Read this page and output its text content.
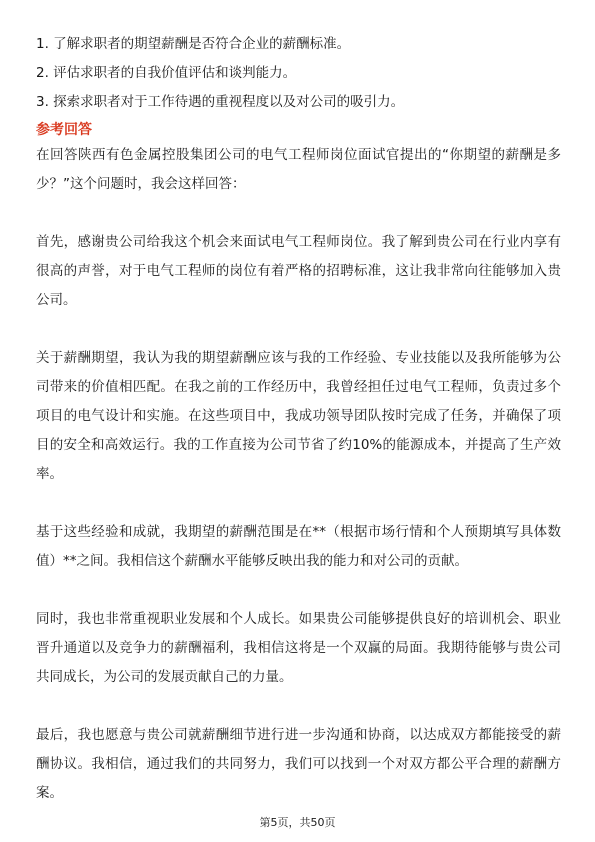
1. 了解求职者的期望薪酬是否符合企业的薪酬标准。

2. 评估求职者的自我价值评估和谈判能力。

3. 探索求职者对于工作待遇的重视程度以及对公司的吸引力。

参考回答

在回答陕西有色金属控股集团公司的电气工程师岗位面试官提出的“你期望的薪酬是多少？”这个问题时，我会这样回答：

首先，感谢贵公司给我这个机会来面试电气工程师岗位。我了解到贵公司在行业内享有很高的声誉，对于电气工程师的岗位有着严格的招聘标准，这让我非常向往能够加入贵公司。

关于薪酬期望，我认为我的期望薪酬应该与我的工作经验、专业技能以及我所能够为公司带来的价值相匹配。在我之前的工作经历中，我曾经担任过电气工程师，负责过多个项目的电气设计和实施。在这些项目中，我成功领导团队按时完成了任务，并确保了项目的安全和高效运行。我的工作直接为公司节省了约10%的能源成本，并提高了生产效率。

基于这些经验和成就，我期望的薪酬范围是在**（根据市场行情和个人预期填写具体数值）**之间。我相信这个薪酬水平能够反映出我的能力和对公司的贡献。

同时，我也非常重视职业发展和个人成长。如果贵公司能够提供良好的培训机会、职业晋升通道以及竞争力的薪酬福利，我相信这将是一个双赢的局面。我期待能够与贵公司共同成长，为公司的发展贡献自己的力量。

最后，我也愿意与贵公司就薪酬细节进行进一步沟通和协商，以达成双方都能接受的薪酬协议。我相信，通过我们的共同努力，我们可以找到一个对双方都公平合理的薪酬方案。

第5页，共50页
